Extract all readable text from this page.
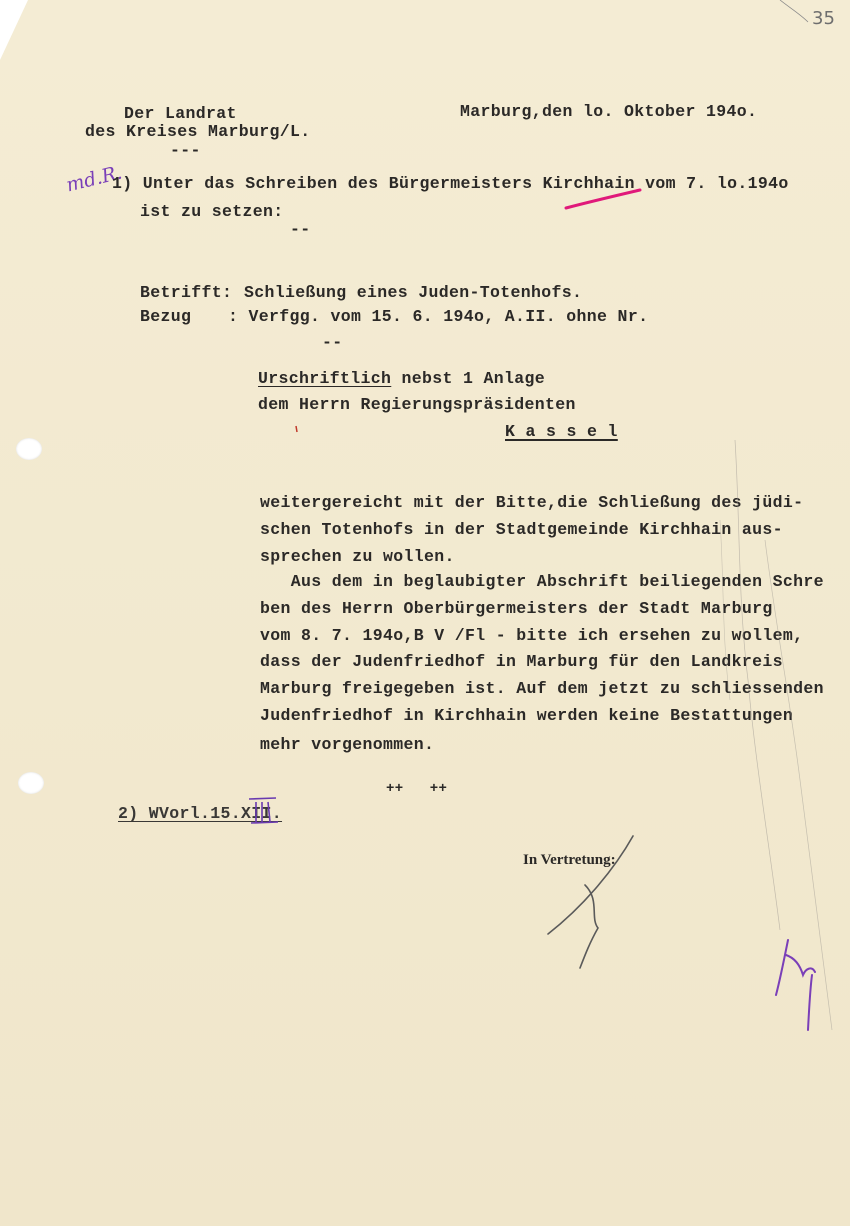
35
Der Landrat
des Kreises Marburg/L.
---
Marburg,den lo. Oktober 194o.
md.R.
1) Unter das Schreiben des Bürgermeisters Kirchhain vom 7. lo.194o
ist zu setzen:
--
Betrifft: Schließung eines Juden-Totenhofs.
Bezug : Verfgg. vom 15. 6. 194o, A.II. ohne Nr.
--
Urschriftlich nebst 1 Anlage
dem Herrn Regierungspräsidenten
K a s s e l
weitergereicht mit der Bitte,die Schließung des jüdi-
schen Totenhofs in der Stadtgemeinde Kirchhain aus-
sprechen zu wollen.
Aus dem in beglaubigter Abschrift beiliegenden Schre
ben des Herrn Oberbürgermeisters der Stadt Marburg
vom 8. 7. 194o,B V /Fl - bitte ich ersehen zu wollem,
dass der Judenfriedhof in Marburg für den Landkreis
Marburg freigegeben ist. Auf dem jetzt zu schliessenden
Judenfriedhof in Kirchhain werden keine Bestattungen
mehr vorgenommen.
++   ++
2) WVorl.15.XII.
In Vertretung:
